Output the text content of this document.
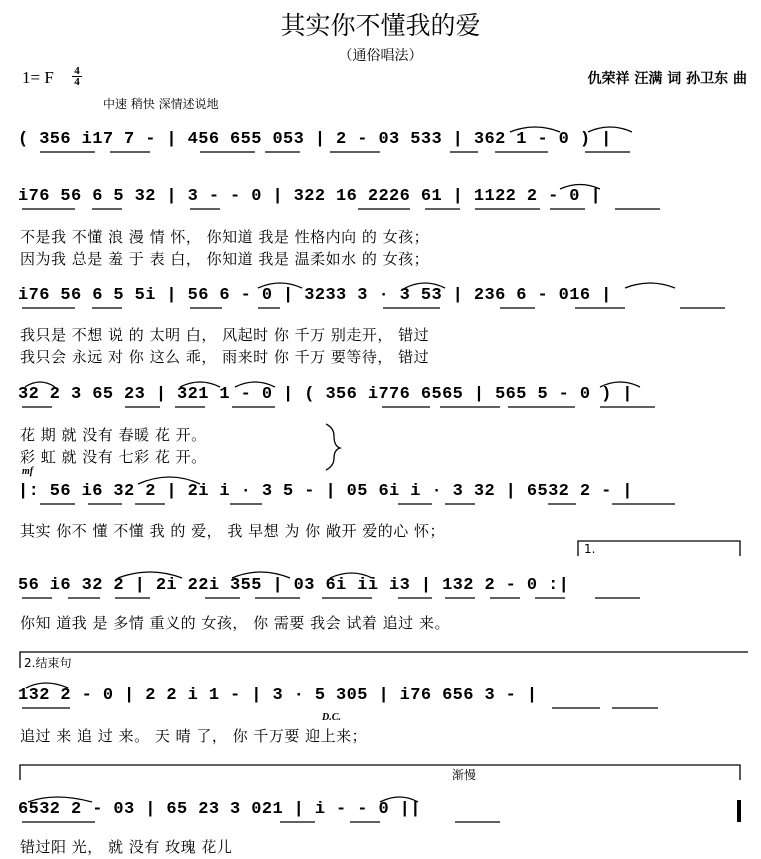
其实你不懂我的爱
（通俗唱法）
1= F 4
4	仇荣祥 汪满 词 孙卫东 曲
中速 稍快 深情述说地
( 356 i17 7 - | 456 655 053 | 2 - 03 533 | 362 1 - 0 ) |
i76 56 6 5 32 | 3 - - 0 | 322 16 2226 61 | 1122 2 - 0 |
不是我 不懂 浪 漫 情 怀， 你知道 我是 性格内向 的 女孩；
因为我 总是 羞 于 表 白， 你知道 我是 温柔如水 的 女孩；
i76 56 6 5 5i | 56 6 - 0 | 3233 3 · 3 53 | 236 6 - 016 |
我只是 不想 说 的 太明 白， 风起时 你 千万 别走开， 错过
我只会 永远 对 你 这么 乖， 雨来时 你 千万 要等待， 错过
32 2 3 65 23 | 321 1 - 0 | ( 356 i776 6565 | 565 5 - 0 ) |
花 期 就 没有 春暖 花 开。
彩 虹 就 没有 七彩 花 开。
mf
|: 56 i6 32 2 | 2i i · 3 5 - | 05 6i i · 3 32 | 6532 2 - |
其实 你不 懂 不懂 我 的 爱， 我 早想 为 你 敞开 爱的心 怀；
1.
56 i6 32 2 | 2i 22i 355 | 03 6i ii i3 | 132 2 - 0 :|
你知 道我 是 多情 重义的 女孩， 你 需要 我会 试着 追过 来。
2.结束句
132 2 - 0 | 2 2 i 1 - | 3 · 5 305 | i76 656 3 - |
D.C.
追过 来 追 过 来。 天 晴 了， 你 千万要 迎上来；
渐慢
6532 2 - 03 | 65 23 3 021 | i - - 0 ||
错过阳 光， 就 没有 玫瑰 花儿
